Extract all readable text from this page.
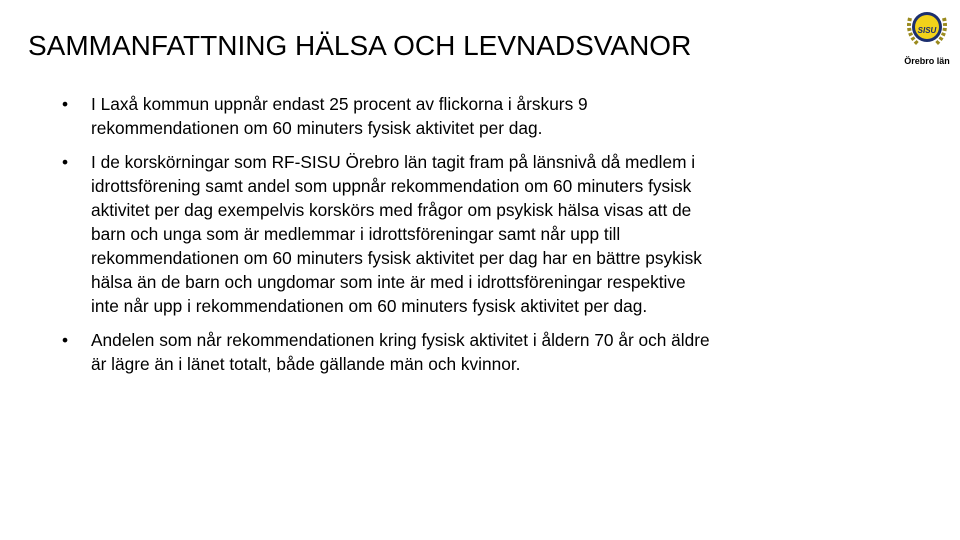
SAMMANFATTNING HÄLSA OCH LEVNADSVANOR	SISU
Örebro län
• I Laxå kommun uppnår endast 25 procent av flickorna i årskurs 9 rekommendationen om 60 minuters fysisk aktivitet per dag.
• I de korskörningar som RF-SISU Örebro län tagit fram på länsnivå då medlem i idrottsförening samt andel som uppnår rekommendation om 60 minuters fysisk aktivitet per dag exempelvis korskörs med frågor om psykisk hälsa visas att de barn och unga som är medlemmar i idrottsföreningar samt når upp till rekommendationen om 60 minuters fysisk aktivitet per dag har en bättre psykisk hälsa än de barn och ungdomar som inte är med i idrottsföreningar respektive inte når upp i rekommendationen om 60 minuters fysisk aktivitet per dag.
• Andelen som når rekommendationen kring fysisk aktivitet i åldern 70 år och äldre är lägre än i länet totalt, både gällande män och kvinnor.
